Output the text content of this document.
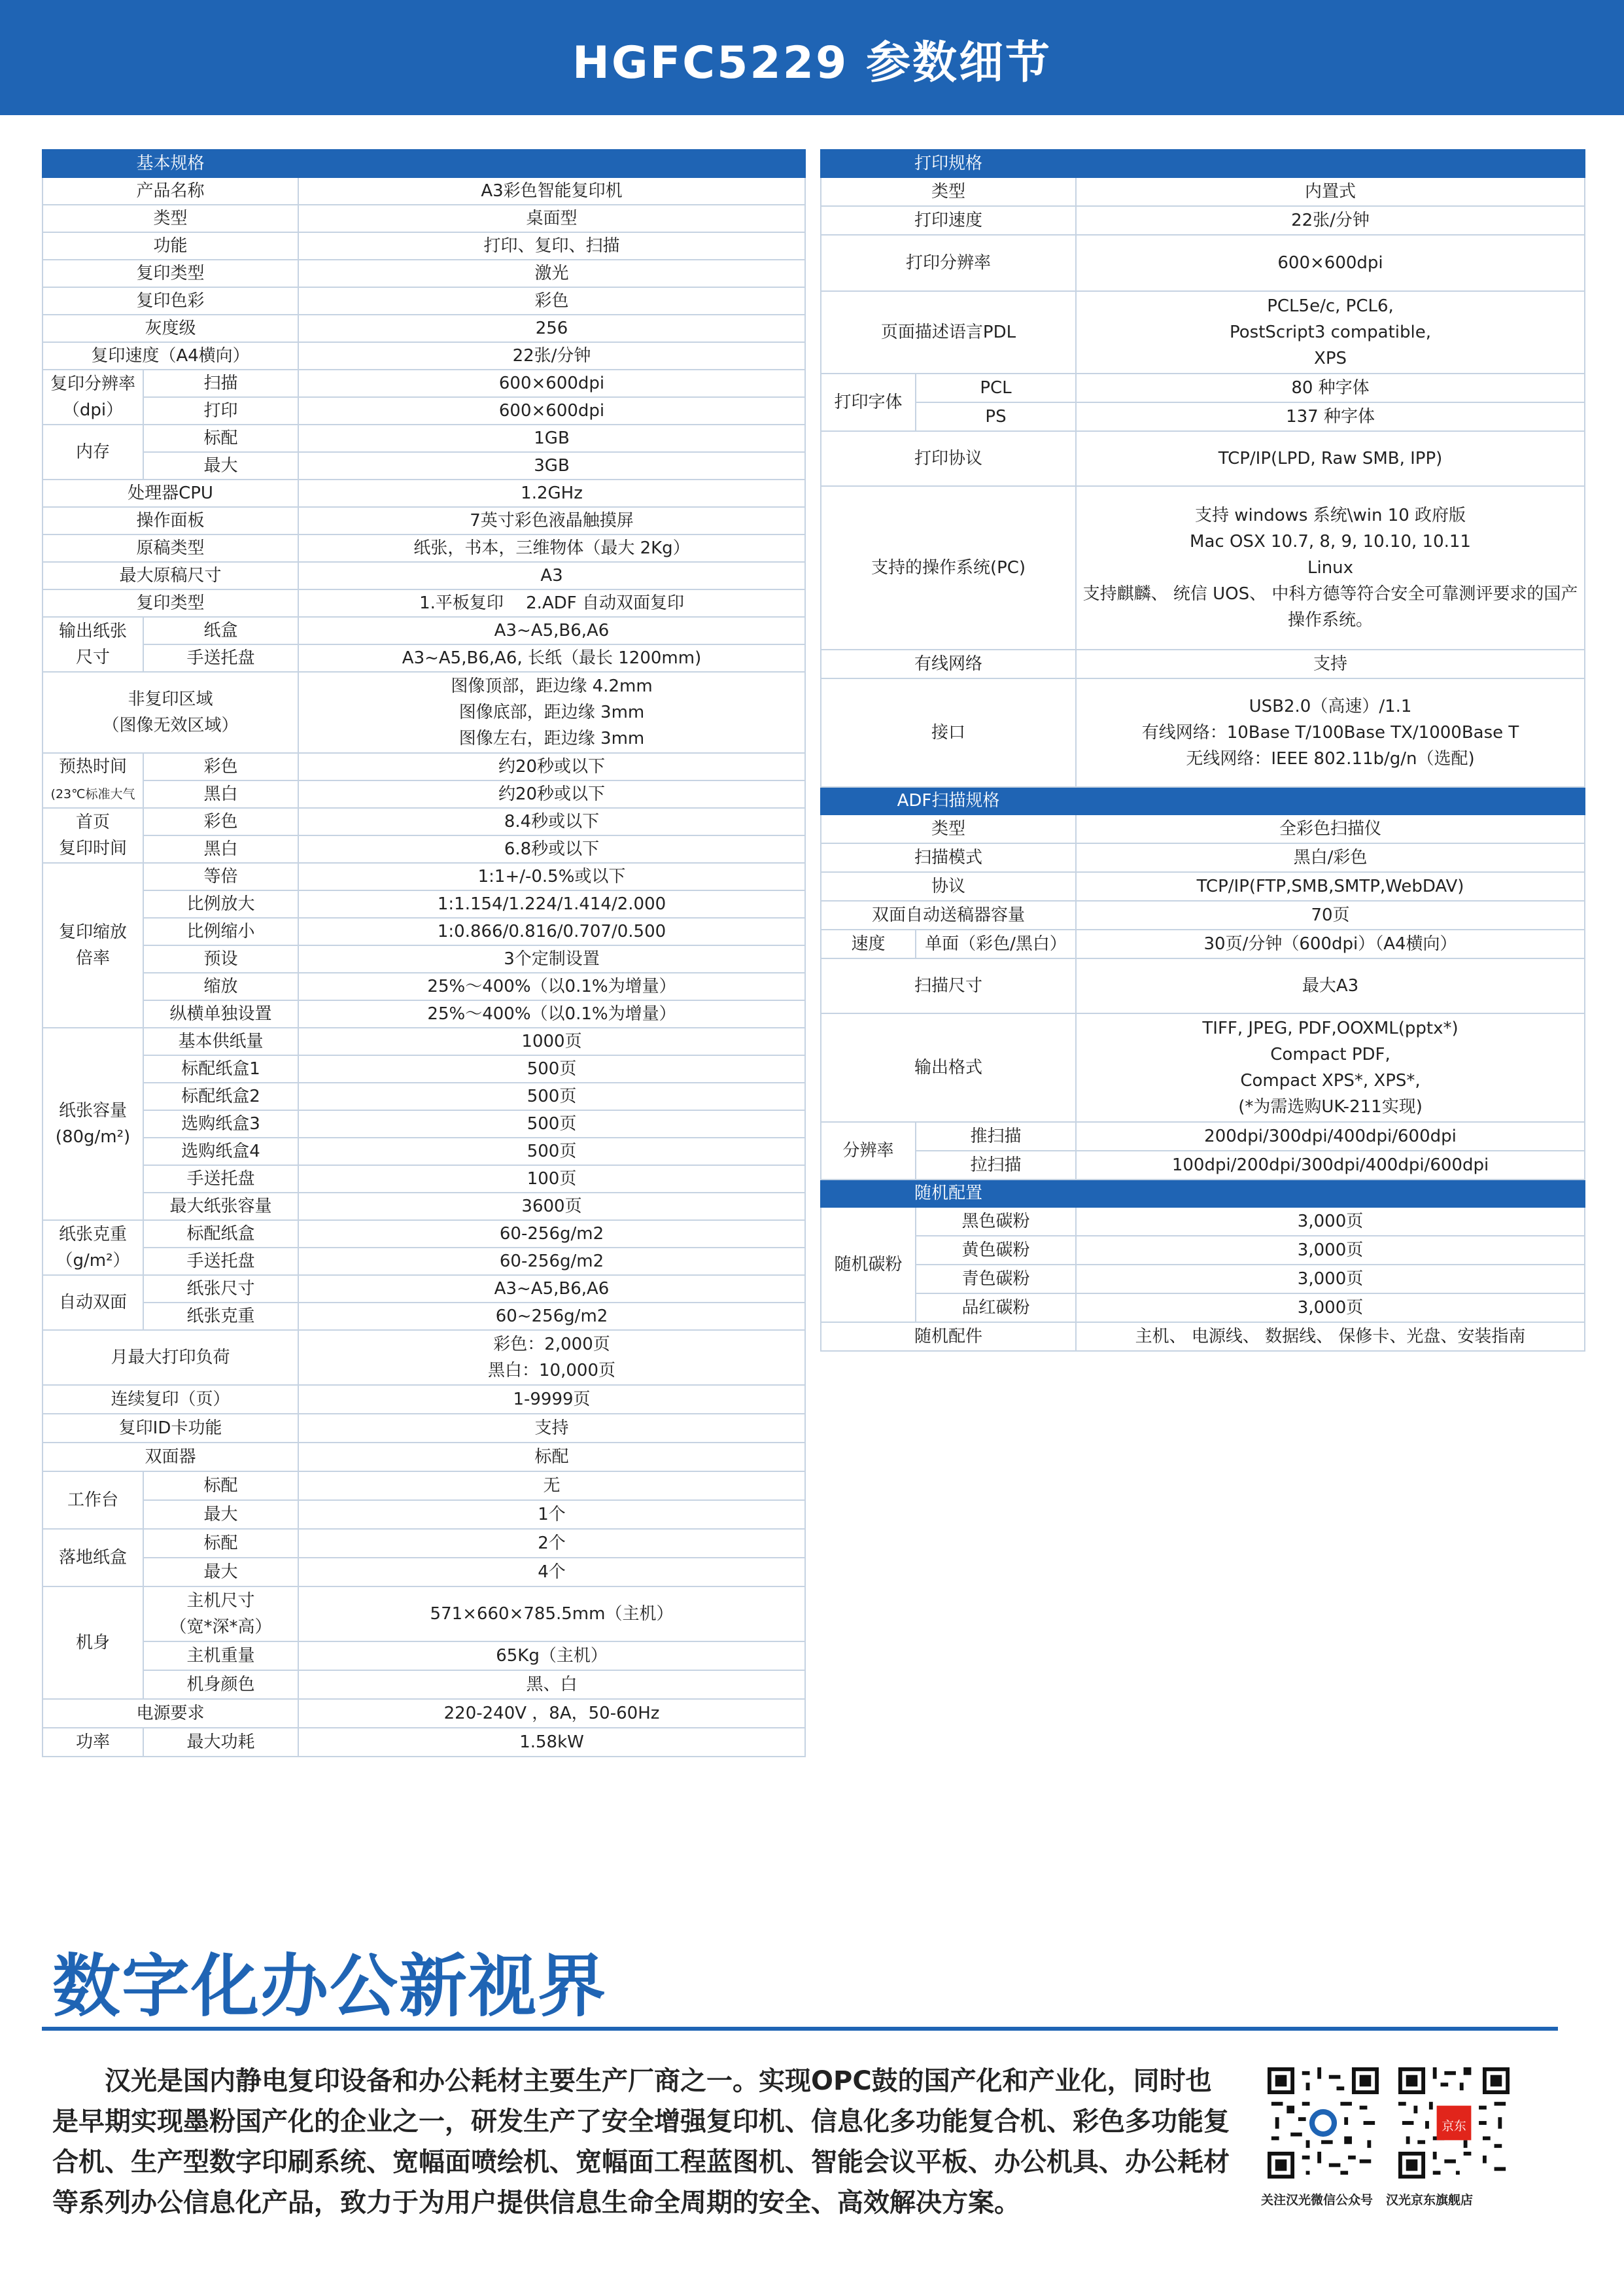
HGFC5229 参数细节
基本规格		
产品名称		A3彩色智能复印机
类型		桌面型
功能		打印、复印、扫描
复印类型		激光
复印色彩		彩色
灰度级		256
复印速度（A4横向）		22张/分钟
复印分辨率
（dpi）	扫描	600×600dpi
	打印	600×600dpi
内存	标配	1GB
	最大	3GB
处理器CPU		1.2GHz
操作面板		7英寸彩色液晶触摸屏
原稿类型		纸张，书本，三维物体（最大 2Kg）
最大原稿尺寸		A3
复印类型		1.平板复印　 2.ADF 自动双面复印
输出纸张
尺寸	纸盒	A3~A5,B6,A6
	手送托盘	A3~A5,B6,A6, 长纸（最长 1200mm)
非复印区域
（图像无效区域）		图像顶部，距边缘 4.2mm
图像底部，距边缘 3mm
图像左右，距边缘 3mm
预热时间
(23℃标准大气	彩色	约20秒或以下
	黑白	约20秒或以下
首页
复印时间	彩色	8.4秒或以下
	黑白	6.8秒或以下
复印缩放
倍率	等倍	1:1+/-0.5%或以下
	比例放大	1:1.154/1.224/1.414/2.000
	比例缩小	1:0.866/0.816/0.707/0.500
	预设	3个定制设置
	缩放	25%～400%（以0.1%为增量）
	纵横单独设置	25%～400%（以0.1%为增量）
纸张容量
(80g/m²)	基本供纸量	1000页
	标配纸盒1	500页
	标配纸盒2	500页
	选购纸盒3	500页
	选购纸盒4	500页
	手送托盘	100页
	最大纸张容量	3600页
纸张克重
（g/m²）	标配纸盒	60-256g/m2
	手送托盘	60-256g/m2
自动双面	纸张尺寸	A3~A5,B6,A6
	纸张克重	60~256g/m2
月最大打印负荷		彩色：2,000页
黑白：10,000页
连续复印（页）		1-9999页
复印ID卡功能		支持
双面器		标配
工作台	标配	无
	最大	1个
落地纸盒	标配	2个
	最大	4个
机身	主机尺寸
（宽*深*高）	571×660×785.5mm（主机）
	主机重量	65Kg（主机）
	机身颜色	黑、白
电源要求		220-240V ，8A，50-60Hz
功率	最大功耗	1.58kW
打印规格		
类型		内置式
打印速度		22张/分钟
打印分辨率		600×600dpi
页面描述语言PDL		PCL5e/c, PCL6,
PostScript3 compatible,
XPS
打印字体	PCL	80 种字体
	PS	137 种字体
打印协议		TCP/IP(LPD, Raw SMB, IPP)
支持的操作系统(PC)		支持 windows 系统\win 10 政府版
Mac OSX 10.7, 8, 9, 10.10, 10.11
Linux
支持麒麟、 统信 UOS、 中科方德等符合安全可靠测评要求的国产
操作系统。
有线网络		支持
接口		USB2.0（高速）/1.1
有线网络：10Base T/100Base TX/1000Base T
无线网络：IEEE 802.11b/g/n（选配)
ADF扫描规格		
类型		全彩色扫描仪
扫描模式		黑白/彩色
协议		TCP/IP(FTP,SMB,SMTP,WebDAV)
双面自动送稿器容量		70页
速度	单面（彩色/黑白）	30页/分钟（600dpi）（A4横向）
扫描尺寸		最大A3
输出格式		TIFF, JPEG, PDF,OOXML(pptx*)
Compact PDF,
Compact XPS*, XPS*,
(*为需选购UK-211实现)
分辨率	推扫描	200dpi/300dpi/400dpi/600dpi
	拉扫描	100dpi/200dpi/300dpi/400dpi/600dpi
随机配置		
随机碳粉	黑色碳粉	3,000页
	黄色碳粉	3,000页
	青色碳粉	3,000页
	品红碳粉	3,000页
随机配件		主机、 电源线、 数据线、 保修卡、光盘、安装指南
数字化办公新视界

汉光是国内静电复印设备和办公耗材主要生产厂商之一。实现OPC鼓的国产化和产业化，同时也是早期实现墨粉国产化的企业之一，研发生产了安全增强复印机、信息化多功能复合机、彩色多功能复合机、生产型数字印刷系统、宽幅面喷绘机、宽幅面工程蓝图机、智能会议平板、办公机具、办公耗材等系列办公信息化产品，致力于为用户提供信息生命全周期的安全、高效解决方案。

京东
关注汉光微信公众号 汉光京东旗舰店
